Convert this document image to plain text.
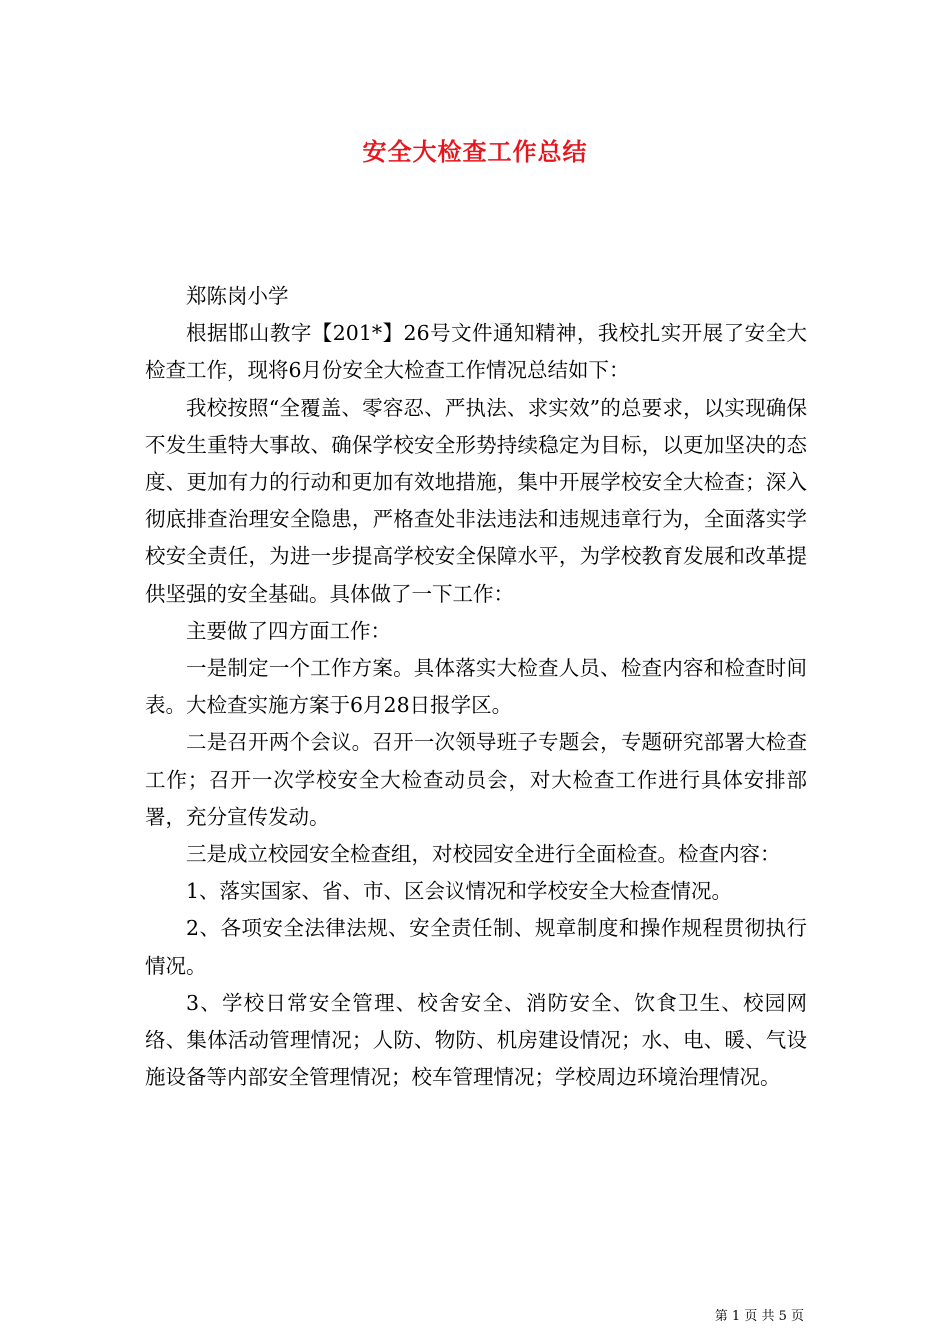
安全大检查工作总结

郑陈岗小学

根据邯山教字【201*】26号文件通知精神，我校扎实开展了安全大检查工作，现将6月份安全大检查工作情况总结如下：

我校按照“全覆盖、零容忍、严执法、求实效”的总要求，以实现确保不发生重特大事故、确保学校安全形势持续稳定为目标，以更加坚决的态度、更加有力的行动和更加有效地措施，集中开展学校安全大检查；深入彻底排查治理安全隐患，严格查处非法违法和违规违章行为，全面落实学校安全责任，为进一步提高学校安全保障水平，为学校教育发展和改革提供坚强的安全基础。具体做了一下工作：

主要做了四方面工作：

一是制定一个工作方案。具体落实大检查人员、检查内容和检查时间表。大检查实施方案于6月28日报学区。

二是召开两个会议。召开一次领导班子专题会，专题研究部署大检查工作；召开一次学校安全大检查动员会，对大检查工作进行具体安排部署，充分宣传发动。

三是成立校园安全检查组，对校园安全进行全面检查。检查内容：

1、落实国家、省、市、区会议情况和学校安全大检查情况。

2、各项安全法律法规、安全责任制、规章制度和操作规程贯彻执行情况。

3、学校日常安全管理、校舍安全、消防安全、饮食卫生、校园网络、集体活动管理情况；人防、物防、机房建设情况；水、电、暖、气设施设备等内部安全管理情况；校车管理情况；学校周边环境治理情况。

第 1 页 共 5 页
